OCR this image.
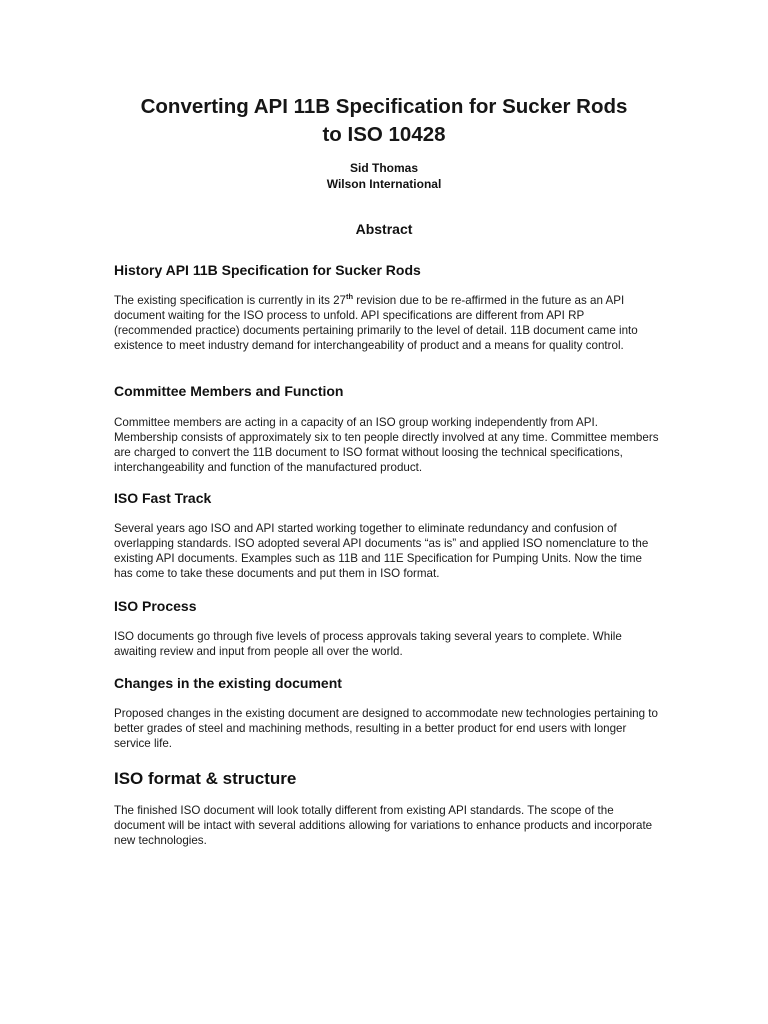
Converting API 11B Specification for Sucker Rods
to ISO 10428
Sid Thomas
Wilson International
Abstract
History API 11B Specification for Sucker Rods

The existing specification is currently in its 27th revision due to be re-affirmed in the future as an API document waiting for the ISO process to unfold. API specifications are different from API RP (recommended practice) documents pertaining primarily to the level of detail. 11B document came into existence to meet industry demand for interchangeability of product and a means for quality control.

Committee Members and Function

Committee members are acting in a capacity of an ISO group working independently from API. Membership consists of approximately six to ten people directly involved at any time. Committee members are charged to convert the 11B document to ISO format without loosing the technical specifications, interchangeability and function of the manufactured product.

ISO Fast Track

Several years ago ISO and API started working together to eliminate redundancy and confusion of overlapping standards. ISO adopted several API documents “as is” and applied ISO nomenclature to the existing API documents. Examples such as 11B and 11E Specification for Pumping Units. Now the time has come to take these documents and put them in ISO format.

ISO Process

ISO documents go through five levels of process approvals taking several years to complete. While awaiting review and input from people all over the world.

Changes in the existing document

Proposed changes in the existing document are designed to accommodate new technologies pertaining to better grades of steel and machining methods, resulting in a better product for end users with longer service life.

ISO format & structure

The finished ISO document will look totally different from existing API standards. The scope of the document will be intact with several additions allowing for variations to enhance products and incorporate new technologies.
